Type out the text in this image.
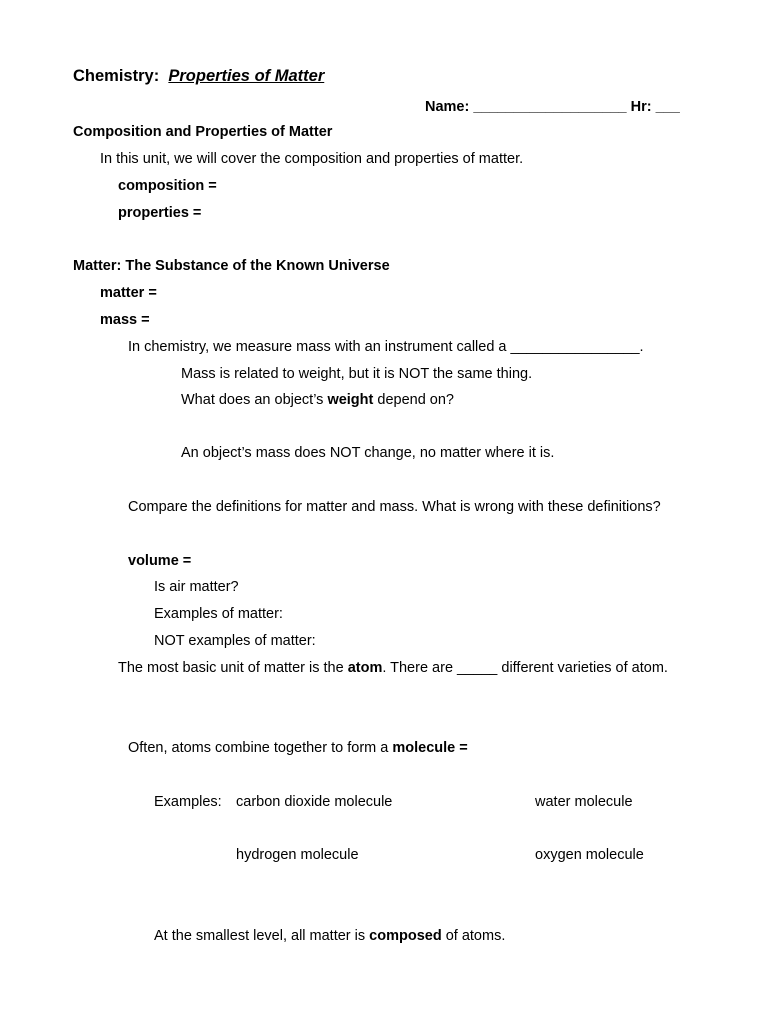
Chemistry: Properties of Matter
Name: ___________________ Hr: ___
Composition and Properties of Matter
In this unit, we will cover the composition and properties of matter.
composition =
properties =
Matter: The Substance of the Known Universe
matter =
mass =
In chemistry, we measure mass with an instrument called a ________________.
Mass is related to weight, but it is NOT the same thing.
What does an object’s weight depend on?
An object’s mass does NOT change, no matter where it is.
Compare the definitions for matter and mass. What is wrong with these definitions?
volume =
Is air matter?
Examples of matter:
NOT examples of matter:
The most basic unit of matter is the atom. There are _____ different varieties of atom.
Often, atoms combine together to form a molecule =
Examples: carbon dioxide molecule	water molecule
hydrogen molecule	oxygen molecule
At the smallest level, all matter is composed of atoms.
